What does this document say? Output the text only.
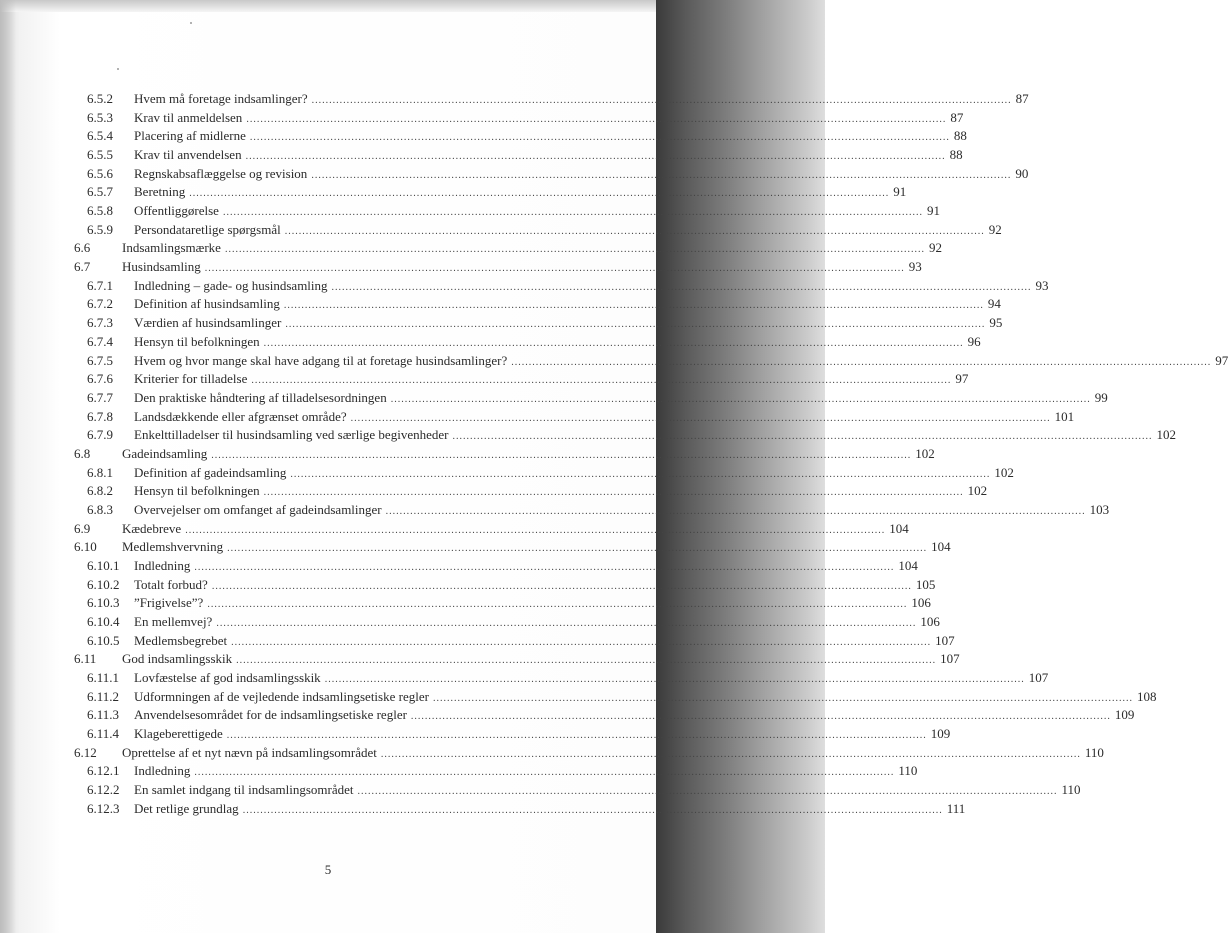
6.5.2 Hvem må foretage indsamlinger? ........................................................................................................................................................................................................ 87
6.5.3 Krav til anmeldelsen ........................................................................................................................................................................................................ 87
6.5.4 Placering af midlerne ........................................................................................................................................................................................................ 88
6.5.5 Krav til anvendelsen ........................................................................................................................................................................................................ 88
6.5.6 Regnskabsaflæggelse og revision ........................................................................................................................................................................................................ 90
6.5.7 Beretning ........................................................................................................................................................................................................ 91
6.5.8 Offentliggørelse ........................................................................................................................................................................................................ 91
6.5.9 Persondataretlige spørgsmål ........................................................................................................................................................................................................ 92
6.6 Indsamlingsmærke ........................................................................................................................................................................................................ 92
6.7 Husindsamling ........................................................................................................................................................................................................ 93
6.7.1 Indledning – gade- og husindsamling ........................................................................................................................................................................................................ 93
6.7.2 Definition af husindsamling ........................................................................................................................................................................................................ 94
6.7.3 Værdien af husindsamlinger ........................................................................................................................................................................................................ 95
6.7.4 Hensyn til befolkningen ........................................................................................................................................................................................................ 96
6.7.5 Hvem og hvor mange skal have adgang til at foretage husindsamlinger? ........................................................................................................................................................................................................ 97
6.7.6 Kriterier for tilladelse ........................................................................................................................................................................................................ 97
6.7.7 Den praktiske håndtering af tilladelsesordningen ........................................................................................................................................................................................................ 99
6.7.8 Landsdækkende eller afgrænset område? ........................................................................................................................................................................................................ 101
6.7.9 Enkelttilladelser til husindsamling ved særlige begivenheder ........................................................................................................................................................................................................ 102
6.8 Gadeindsamling ........................................................................................................................................................................................................ 102
6.8.1 Definition af gadeindsamling ........................................................................................................................................................................................................ 102
6.8.2 Hensyn til befolkningen ........................................................................................................................................................................................................ 102
6.8.3 Overvejelser om omfanget af gadeindsamlinger ........................................................................................................................................................................................................ 103
6.9 Kædebreve ........................................................................................................................................................................................................ 104
6.10 Medlemshvervning ........................................................................................................................................................................................................ 104
6.10.1 Indledning ........................................................................................................................................................................................................ 104
6.10.2 Totalt forbud? ........................................................................................................................................................................................................ 105
6.10.3 ”Frigivelse”? ........................................................................................................................................................................................................ 106
6.10.4 En mellemvej? ........................................................................................................................................................................................................ 106
6.10.5 Medlemsbegrebet ........................................................................................................................................................................................................ 107
6.11 God indsamlingsskik ........................................................................................................................................................................................................ 107
6.11.1 Lovfæstelse af god indsamlingsskik ........................................................................................................................................................................................................ 107
6.11.2 Udformningen af de vejledende indsamlingsetiske regler ........................................................................................................................................................................................................ 108
6.11.3 Anvendelsesområdet for de indsamlingsetiske regler ........................................................................................................................................................................................................ 109
6.11.4 Klageberettigede ........................................................................................................................................................................................................ 109
6.12 Oprettelse af et nyt nævn på indsamlingsområdet ........................................................................................................................................................................................................ 110
6.12.1 Indledning ........................................................................................................................................................................................................ 110
6.12.2 En samlet indgang til indsamlingsområdet ........................................................................................................................................................................................................ 110
6.12.3 Det retlige grundlag ........................................................................................................................................................................................................ 111
5
